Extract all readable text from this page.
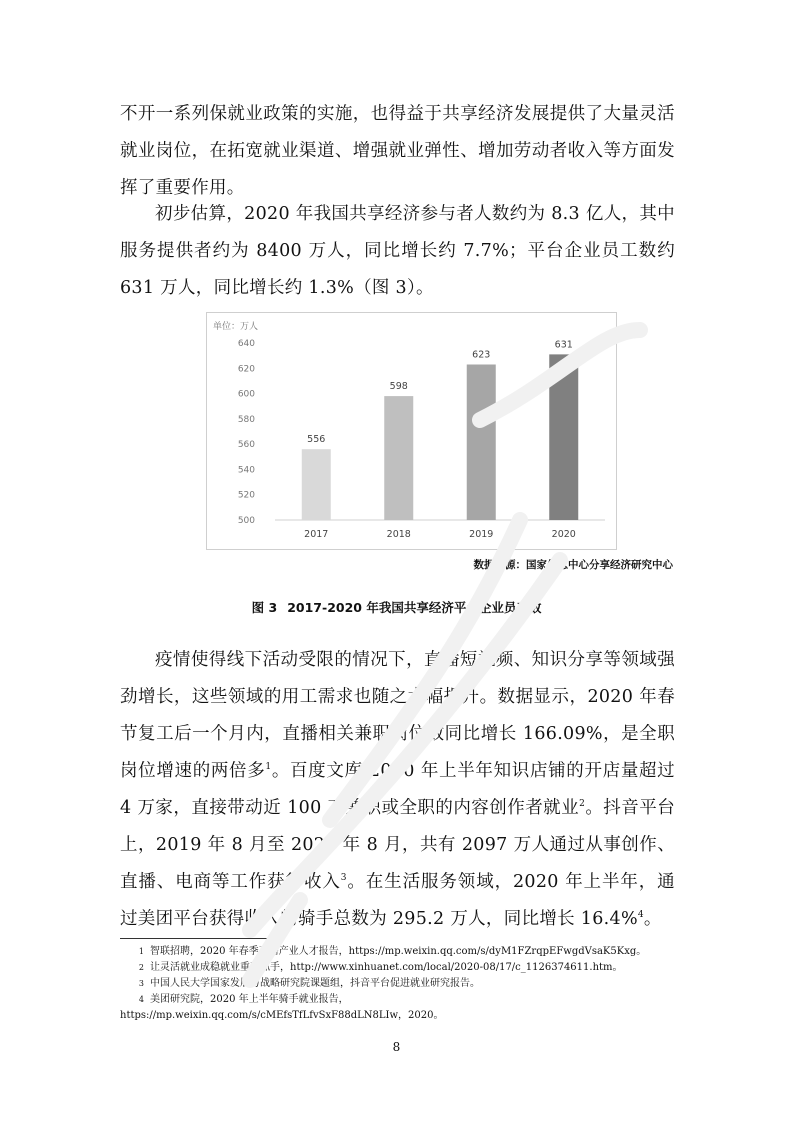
不开一系列保就业政策的实施，也得益于共享经济发展提供了大量灵活就业岗位，在拓宽就业渠道、增强就业弹性、增加劳动者收入等方面发挥了重要作用。

初步估算，2020 年我国共享经济参与者人数约为 8.3 亿人，其中服务提供者约为 8400 万人，同比增长约 7.7%；平台企业员工数约 631 万人，同比增长约 1.3%（图 3）。

单位：万人
500
520
540
560
580
600
620
640
556
2017
598
2018
623
2019
631
2020

数据来源：国家信息中心分享经济研究中心

图 3 2017-2020 年我国共享经济平台企业员工数

疫情使得线下活动受限的情况下，直播短视频、知识分享等领域强劲增长，这些领域的用工需求也随之大幅提升。数据显示，2020 年春节复工后一个月内，直播相关兼职岗位数同比增长 166.09%，是全职岗位增速的两倍多$^1$。百度文库 2020 年上半年知识店铺的开店量超过 4 万家，直接带动近 100 万兼职或全职的内容创作者就业$^2$。抖音平台上，2019 年 8 月至 2020 年 8 月，共有 2097 万人通过从事创作、直播、电商等工作获得收入$^3$。在生活服务领域，2020 年上半年，通过美团平台获得收入的骑手总数为 295.2 万人，同比增长 16.4%$^4$。

1 智联招聘，2020 年春季直播产业人才报告，https://mp.weixin.qq.com/s/dyM1FZrqpEFwgdVsaK5Kxg。
2 让灵活就业成稳就业重要抓手，http://www.xinhuanet.com/local/2020-08/17/c_1126374611.htm。
3 中国人民大学国家发展与战略研究院课题组，抖音平台促进就业研究报告。
4 美团研究院，2020 年上半年骑手就业报告，
https://mp.weixin.qq.com/s/cMEfsTfLfvSxF88dLN8LIw，2020。

8
